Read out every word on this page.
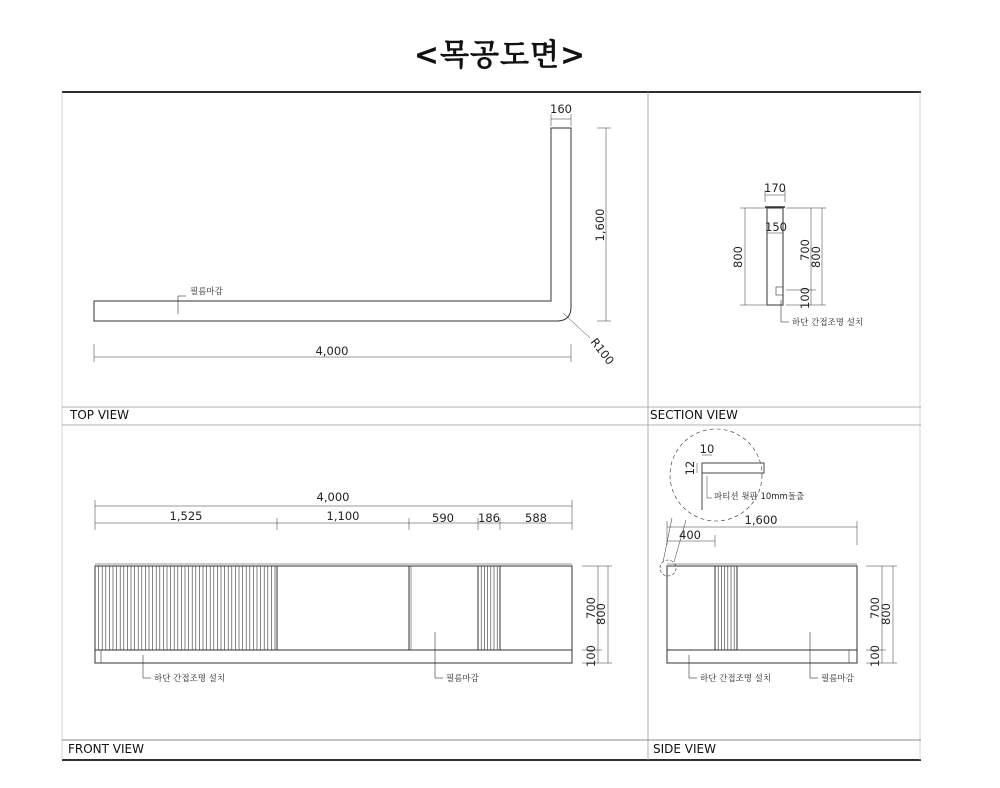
<목공도면>
TOP VIEW	SECTION VIEW
FRONT VIEW	SIDE VIEW
필름마감
4,000
160
1,600
R100
170
150
800	700
800
100
하단 간접조명 설치
4,000
1,525	1,100	590 186 588
700
800
100
하단 간접조명 설치	필름마감
10
12
파티션 윗판 10mm돌출
1,600
400
700
800
100
하단 간접조명 설치	필름마감
